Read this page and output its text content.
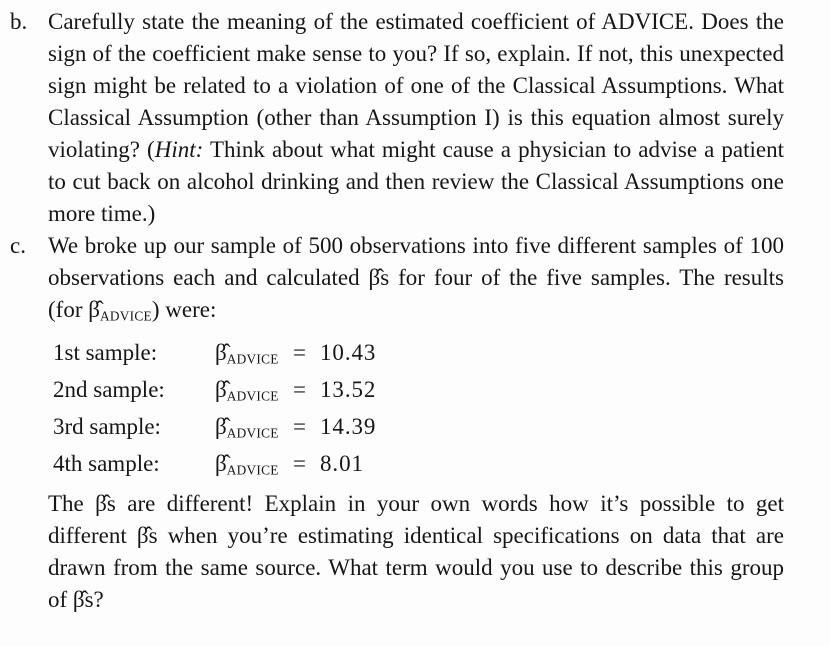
b. Carefully state the meaning of the estimated coefficient of ADVICE. Does the sign of the coefficient make sense to you? If so, explain. If not, this unexpected sign might be related to a violation of one of the Classical Assumptions. What Classical Assumption (other than Assumption I) is this equation almost surely violating? (Hint: Think about what might cause a physician to advise a patient to cut back on alcohol drinking and then review the Classical Assumptions one more time.)

c. We broke up our sample of 500 observations into five different samples of 100 observations each and calculated β̂s for four of the five samples. The results (for $\betâ_{ADVICE}$) were:

1st sample:	$\betâ_{ADVICE} = 10.43$
2nd sample:	$\betâ_{ADVICE} = 13.52$
3rd sample:	$\betâ_{ADVICE} = 14.39$
4th sample:	$\betâ_{ADVICE} = 8.01$

The β̂s are different! Explain in your own words how it’s possible to get different β̂s when you’re estimating identical specifications on data that are drawn from the same source. What term would you use to describe this group of β̂s?
